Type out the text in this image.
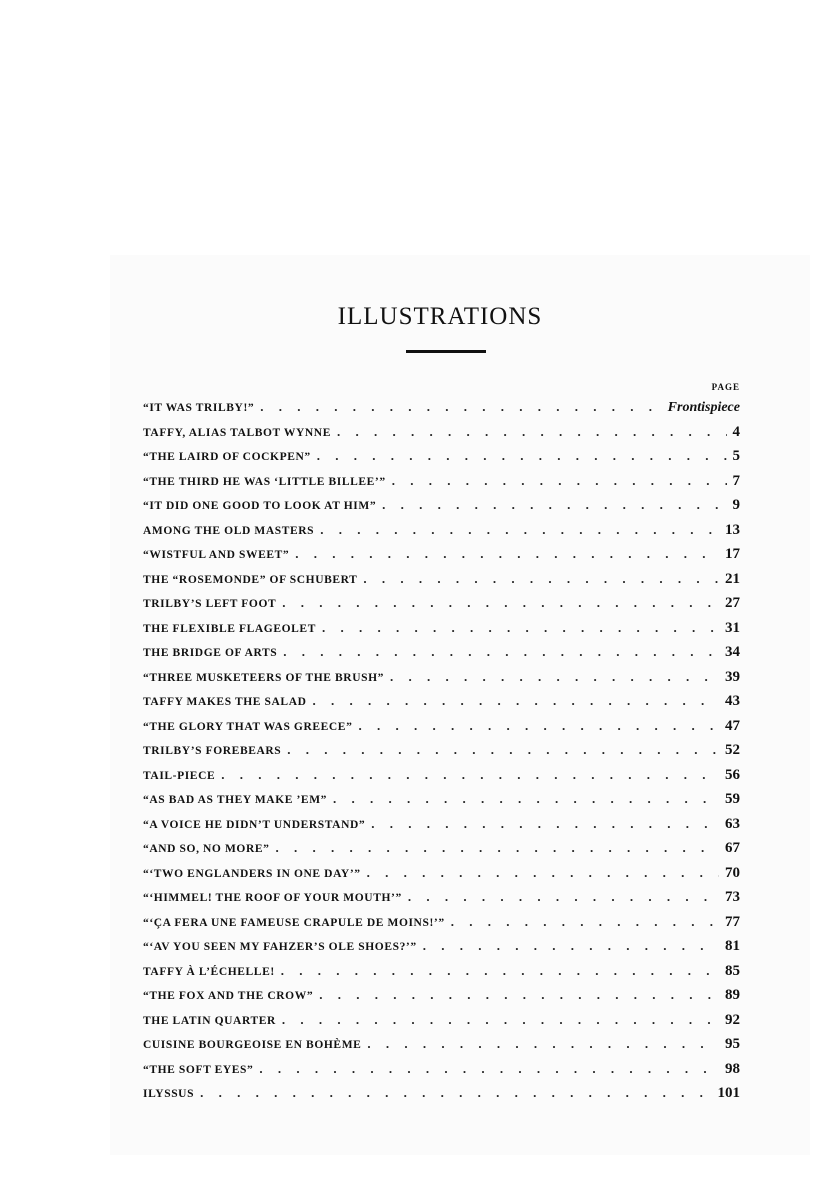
ILLUSTRATIONS
PAGE
“IT WAS TRILBY!” . . .	Frontispiece
TAFFY, ALIAS TALBOT WYNNE . . .	4
“THE LAIRD OF COCKPEN” . . .	5
“THE THIRD HE WAS ‘LITTLE BILLEE’” . . .	7
“IT DID ONE GOOD TO LOOK AT HIM” . . .	9
AMONG THE OLD MASTERS . . .	13
“WISTFUL AND SWEET” . . .	17
THE “ROSEMONDE” OF SCHUBERT . . .	21
TRILBY’S LEFT FOOT . . .	27
THE FLEXIBLE FLAGEOLET . . .	31
THE BRIDGE OF ARTS . . .	34
“THREE MUSKETEERS OF THE BRUSH” . . .	39
TAFFY MAKES THE SALAD . . .	43
“THE GLORY THAT WAS GREECE” . . .	47
TRILBY’S FOREBEARS . . .	52
TAIL-PIECE . . .	56
“AS BAD AS THEY MAKE ’EM” . . .	59
“A VOICE HE DIDN’T UNDERSTAND” . . .	63
“AND SO, NO MORE” . . .	67
“‘TWO ENGLANDERS IN ONE DAY’” . . .	70
“‘HIMMEL! THE ROOF OF YOUR MOUTH’” . . .	73
“‘ÇA FERA UNE FAMEUSE CRAPULE DE MOINS!’” . . .	77
“‘AV YOU SEEN MY FAHZER’S OLE SHOES?’” . . .	81
TAFFY À L’ÉCHELLE! . . .	85
“THE FOX AND THE CROW” . . .	89
THE LATIN QUARTER . . .	92
CUISINE BOURGEOISE EN BOHÈME . . .	95
“THE SOFT EYES” . . .	98
ILYSSUS . . .	101
